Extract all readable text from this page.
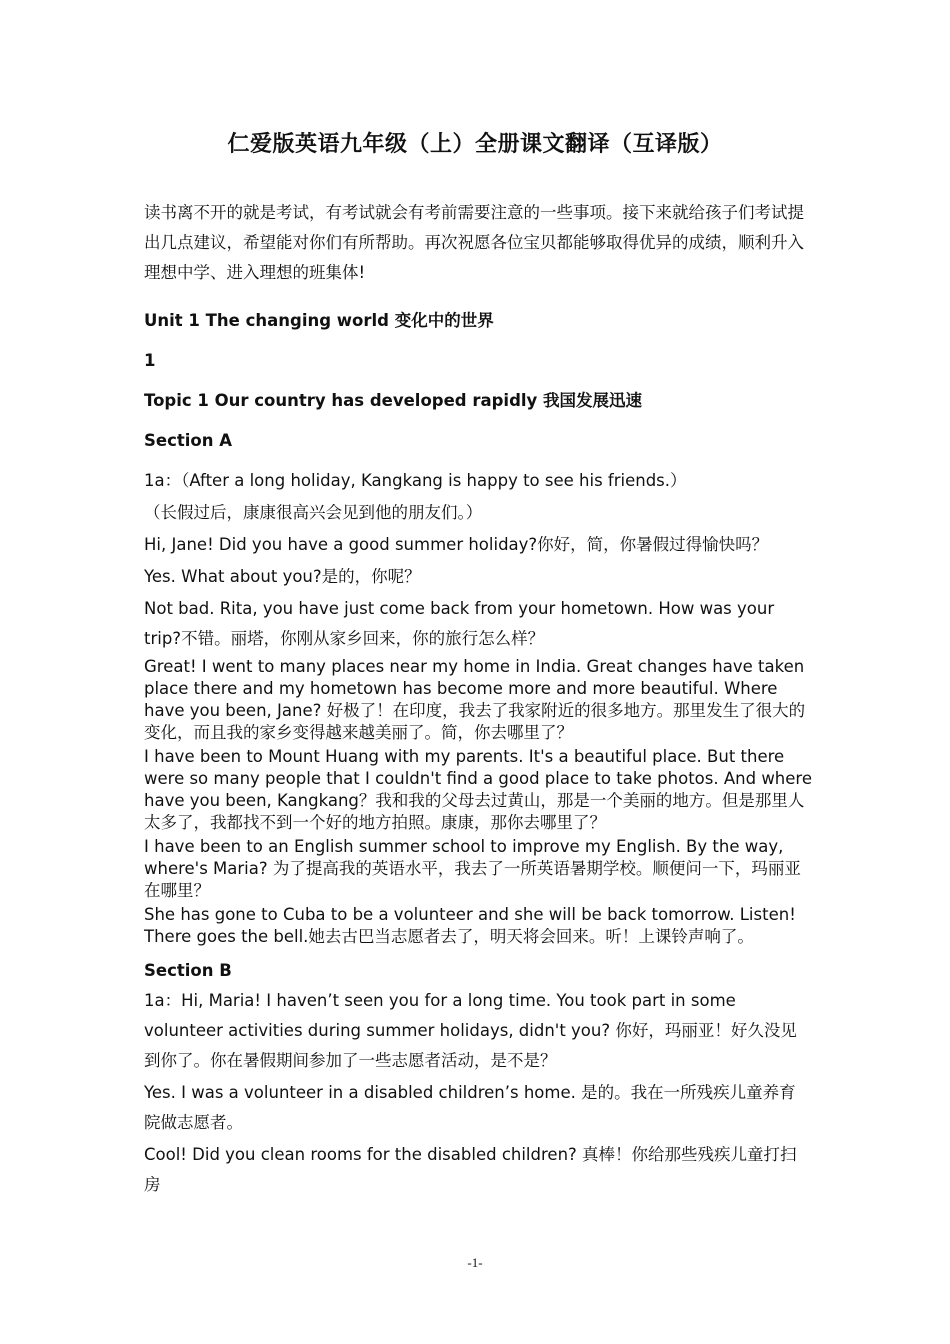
仁爱版英语九年级（上）全册课文翻译（互译版）

读书离不开的就是考试，有考试就会有考前需要注意的一些事项。接下来就给孩子们考试提出几点建议，希望能对你们有所帮助。再次祝愿各位宝贝都能够取得优异的成绩，顺利升入理想中学、进入理想的班集体!

Unit 1 The changing world 变化中的世界

1

Topic 1 Our country has developed rapidly 我国发展迅速

Section A

1a：（After a long holiday, Kangkang is happy to see his friends.）

（长假过后，康康很高兴会见到他的朋友们。）

Hi, Jane! Did you have a good summer holiday?你好，简，你暑假过得愉快吗？

Yes. What about you?是的，你呢？

Not bad. Rita, you have just come back from your hometown. How was your trip?不错。丽塔，你刚从家乡回来，你的旅行怎么样？

Great! I went to many places near my home in India. Great changes have taken place there and my hometown has become more and more beautiful. Where have you been, Jane? 好极了！在印度，我去了我家附近的很多地方。那里发生了很大的变化，而且我的家乡变得越来越美丽了。简，你去哪里了？

I have been to Mount Huang with my parents. It's a beautiful place. But there were so many people that I couldn't find a good place to take photos. And where have you been, Kangkang？我和我的父母去过黄山，那是一个美丽的地方。但是那里人太多了，我都找不到一个好的地方拍照。康康，那你去哪里了？

I have been to an English summer school to improve my English. By the way, where's Maria? 为了提高我的英语水平，我去了一所英语暑期学校。顺便问一下，玛丽亚在哪里？

She has gone to Cuba to be a volunteer and she will be back tomorrow. Listen! There goes the bell.她去古巴当志愿者去了，明天将会回来。听！上课铃声响了。

Section B

1a：Hi, Maria! I haven’t seen you for a long time. You took part in some volunteer activities during summer holidays, didn't you? 你好，玛丽亚！好久没见到你了。你在暑假期间参加了一些志愿者活动，是不是？

Yes. I was a volunteer in a disabled children’s home. 是的。我在一所残疾儿童养育院做志愿者。

Cool! Did you clean rooms for the disabled children? 真棒！你给那些残疾儿童打扫房

-1-
